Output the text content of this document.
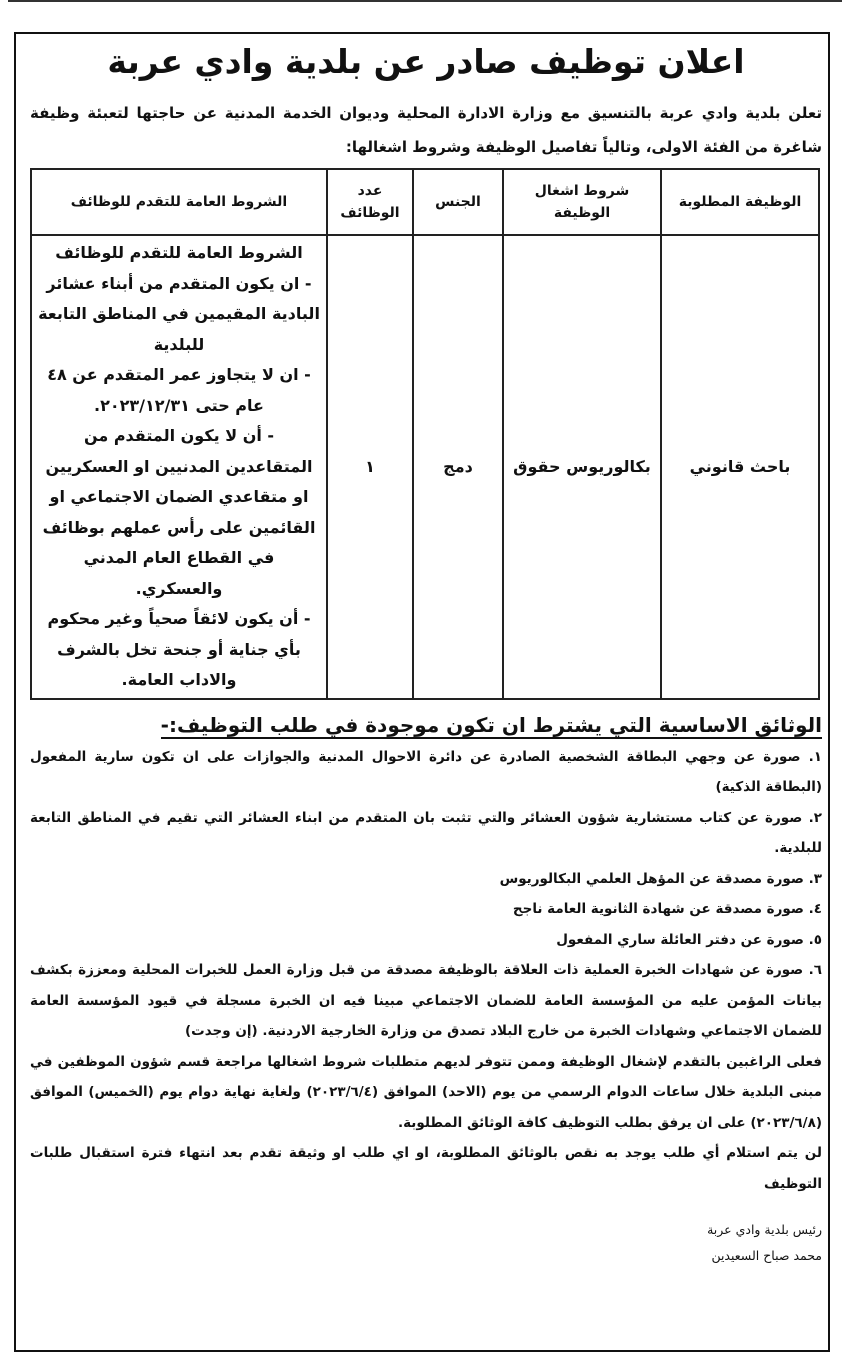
اعلان توظيف صادر عن بلدية وادي عربة

تعلن بلدية وادي عربة بالتنسيق مع وزارة الادارة المحلية وديوان الخدمة المدنية عن حاجتها لتعبئة وظيفة شاغرة من الفئة الاولى، وتالياً تفاصيل الوظيفة وشروط اشغالها:

الوظيفة المطلوبة	شروط اشغال الوظيفة	الجنس	عدد الوظائف	الشروط العامة للتقدم للوظائف
باحث قانوني	بكالوريوس حقوق	دمج	١	الشروط العامة للتقدم للوظائف
- ان يكون المتقدم من أبناء عشائر البادية المقيمين في المناطق التابعة للبلدية
- ان لا يتجاوز عمر المتقدم عن ٤٨ عام حتى ٢٠٢٣/١٢/٣١.
- أن لا يكون المتقدم من المتقاعدين المدنيين او العسكريين او متقاعدي الضمان الاجتماعي او القائمين على رأس عملهم بوظائف في القطاع العام المدني والعسكري.
- أن يكون لائقاً صحياً وغير محكوم بأي جناية أو جنحة تخل بالشرف والاداب العامة.
الوثائق الاساسية التي يشترط ان تكون موجودة في طلب التوظيف:-

١. صورة عن وجهي البطاقة الشخصية الصادرة عن دائرة الاحوال المدنية والجوازات على ان تكون سارية المفعول (البطاقة الذكية)

٢. صورة عن كتاب مستشارية شؤون العشائر والتي تثبت بان المتقدم من ابناء العشائر التي تقيم في المناطق التابعة للبلدية.

٣. صورة مصدقة عن المؤهل العلمي البكالوريوس

٤. صورة مصدقة عن شهادة الثانوية العامة ناجح

٥. صورة عن دفتر العائلة ساري المفعول

٦. صورة عن شهادات الخبرة العملية ذات العلاقة بالوظيفة مصدقة من قبل وزارة العمل للخبرات المحلية ومعززة بكشف بيانات المؤمن عليه من المؤسسة العامة للضمان الاجتماعي مبينا فيه ان الخبرة مسجلة في قيود المؤسسة العامة للضمان الاجتماعي وشهادات الخبرة من خارج البلاد تصدق من وزارة الخارجية الاردنية. (إن وجدت)

فعلى الراغبين بالتقدم لإشغال الوظيفة وممن تتوفر لديهم متطلبات شروط اشغالها مراجعة قسم شؤون الموظفين في مبنى البلدية خلال ساعات الدوام الرسمي من يوم (الاحد) الموافق (٢٠٢٣/٦/٤) ولغاية نهاية دوام يوم (الخميس) الموافق (٢٠٢٣/٦/٨) على ان يرفق بطلب التوظيف كافة الوثائق المطلوبة.

لن يتم استلام أي طلب يوجد به نقص بالوثائق المطلوبة، او اي طلب او وثيقة تقدم بعد انتهاء فترة استقبال طلبات التوظيف

رئيس بلدية وادي عربة
محمد صباح السعيدين
